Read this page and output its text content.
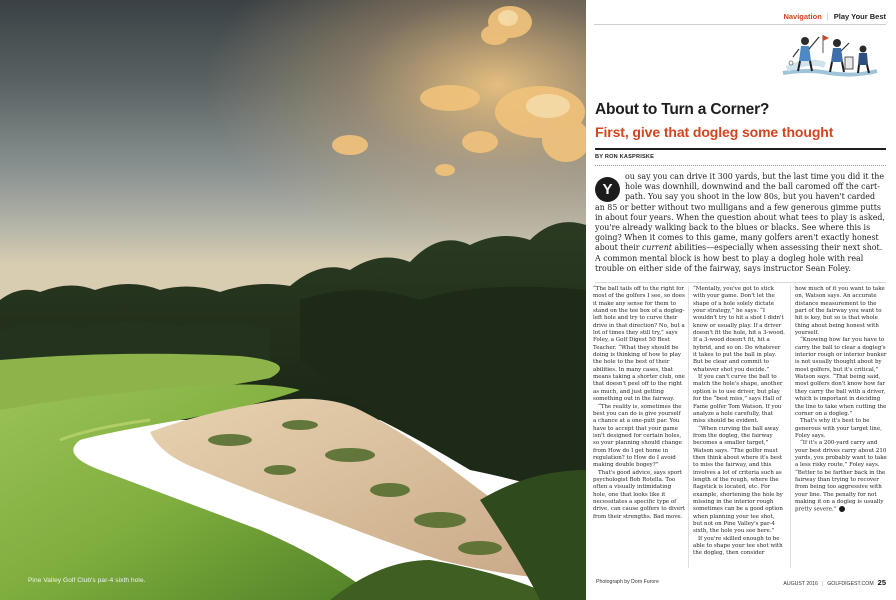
Pine Valley Golf Club's par-4 sixth hole.
Navigation | Play Your Best
About to Turn a Corner?
First, give that dogleg some thought
BY RON KASPRISKE
ou say you can drive it 300 yards, but the last time you did it the hole was downhill, downwind and the ball caromed off the cart-path. You say you shoot in the low 80s, but you haven't carded an 85 or better without two mulligans and a few generous gimme putts in about four years. When the question about what tees to play is asked, you're already walking back to the blues or blacks. See where this is going? When it comes to this game, many golfers aren't exactly honest about their current abilities—especially when assessing their next shot. A common mental block is how best to play a dogleg hole with real trouble on either side of the fairway, says instructor Sean Foley.
Y

“The ball tails off to the right for most of the golfers I see, so does it make any sense for them to stand on the tee box of a dogleg-left hole and try to curve their drive in that direction? No, but a lot of times they still try,” says Foley, a Golf Digest 50 Best Teacher. “What they should be doing is thinking of how to play the hole to the best of their abilities. In many cases, that means taking a shorter club, one that doesn't peel off to the right as much, and just getting something out in the fairway.

“The reality is, sometimes the best you can do is give yourself a chance at a one-putt par. You have to accept that your game isn't designed for certain holes, so your planning should change from How do I get home in regulation? to How do I avoid making double bogey?”

That's good advice, says sport psychologist Bob Rotella. Too often a visually intimidating hole, one that looks like it necessitates a specific type of drive, can cause golfers to divert from their strengths. Bad move.

“Mentally, you've got to stick with your game. Don't let the shape of a hole solely dictate your strategy,” he says. “I wouldn't try to hit a shot I didn't know or usually play. If a driver doesn't fit the hole, hit a 3-wood. If a 3-wood doesn't fit, hit a hybrid, and so on. Do whatever it takes to put the ball in play. But be clear and commit to whatever shot you decide.”

If you can't curve the ball to match the hole's shape, another option is to use driver, but play for the “best miss,” says Hall of Fame golfer Tom Watson. If you analyze a hole carefully, that miss should be evident.

“When curving the ball away from the dogleg, the fairway becomes a smaller target,” Watson says. “The golfer must then think about where it's best to miss the fairway, and this involves a lot of criteria such as length of the rough, where the flagstick is located, etc. For example, shortening the hole by missing in the interior rough sometimes can be a good option when planning your tee shot, but not on Pine Valley's par-4 sixth, the hole you see here.”

If you're skilled enough to be able to shape your tee shot with the dogleg, then consider

how much of it you want to take on, Watson says. An accurate distance measurement to the part of the fairway you want to hit is key, but so is that whole thing about being honest with yourself.

“Knowing how far you have to carry the ball to clear a dogleg's interior rough or interior bunker is not usually thought about by most golfers, but it's critical,” Watson says. “That being said, most golfers don't know how far they carry the ball with a driver, which is important in deciding the line to take when cutting the corner on a dogleg.”

That's why it's best to be generous with your target line, Foley says.

“If it's a 200-yard carry and your best drives carry about 210 yards, you probably want to take a less risky route,” Foley says. “Better to be farther back in the fairway than trying to recover from being too aggressive with your line. The penalty for not making it on a dogleg is usually pretty severe.”

Photograph by Dom Furore	AUGUST 2016 | GOLFDIGEST.COM 25
